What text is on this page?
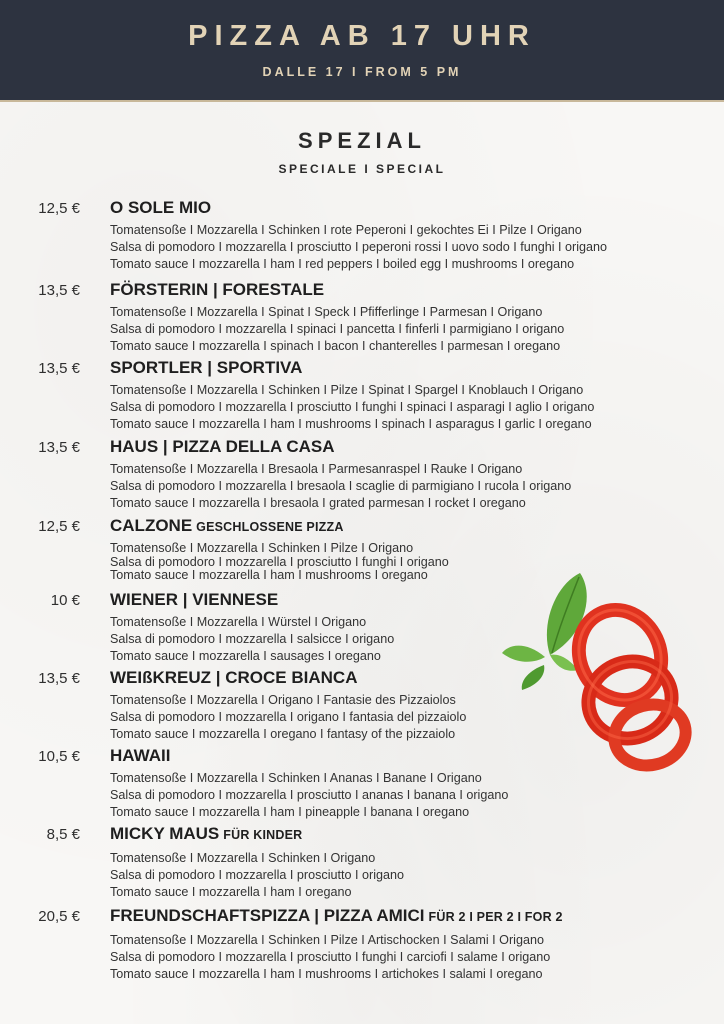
PIZZA AB 17 UHR
DALLE 17 I FROM 5 PM
SPEZIAL
SPECIALE I SPECIAL
12,5 € O SOLE MIO
Tomatensoße I Mozzarella I Schinken I rote Peperoni I gekochtes Ei I Pilze I Origano
Salsa di pomodoro I mozzarella I prosciutto I peperoni rossi I uovo sodo I funghi I origano
Tomato sauce I mozzarella I ham I red peppers I boiled egg I mushrooms I oregano
13,5 € FÖRSTERIN | FORESTALE
Tomatensoße I Mozzarella I Spinat I Speck I Pfifferlinge I Parmesan I Origano
Salsa di pomodoro I mozzarella I spinaci I pancetta I finferli I parmigiano I origano
Tomato sauce I mozzarella I spinach I bacon I chanterelles I parmesan I oregano
13,5 € SPORTLER | SPORTIVA
Tomatensoße I Mozzarella I Schinken I Pilze I Spinat I Spargel I Knoblauch I Origano
Salsa di pomodoro I mozzarella I prosciutto I funghi I spinaci I asparagi I aglio I origano
Tomato sauce I mozzarella I ham I mushrooms I spinach I asparagus I garlic I oregano
13,5 € HAUS | PIZZA DELLA CASA
Tomatensoße I Mozzarella I Bresaola I Parmesanraspel I Rauke I Origano
Salsa di pomodoro I mozzarella I bresaola I scaglie di parmigiano I rucola I origano
Tomato sauce I mozzarella I bresaola I grated parmesan I rocket I oregano
12,5 € CALZONE GESCHLOSSENE PIZZA
Tomatensoße I Mozzarella I Schinken I Pilze I Origano
Salsa di pomodoro I mozzarella I prosciutto I funghi I origano
Tomato sauce I mozzarella I ham I mushrooms I oregano
10 € WIENER | VIENNESE
Tomatensoße I Mozzarella I Würstel I Origano
Salsa di pomodoro I mozzarella I salsicce I origano
Tomato sauce I mozzarella I sausages I oregano
13,5 € WEIßKREUZ | CROCE BIANCA
Tomatensoße I Mozzarella I Origano I Fantasie des Pizzaiolos
Salsa di pomodoro I mozzarella I origano I fantasia del pizzaiolo
Tomato sauce I mozzarella I oregano I fantasy of the pizzaiolo
10,5 € HAWAII
Tomatensoße I Mozzarella I Schinken I Ananas I Banane I Origano
Salsa di pomodoro I mozzarella I prosciutto I ananas I banana I origano
Tomato sauce I mozzarella I ham I pineapple I banana I oregano
8,5 € MICKY MAUS FÜR KINDER
Tomatensoße I Mozzarella I Schinken I Origano
Salsa di pomodoro I mozzarella I prosciutto I origano
Tomato sauce I mozzarella I ham I oregano
20,5 € FREUNDSCHAFTSPIZZA | PIZZA AMICI FÜR 2 I PER 2 I FOR 2
Tomatensoße I Mozzarella I Schinken I Pilze I Artischocken I Salami I Origano
Salsa di pomodoro I mozzarella I prosciutto I funghi I carciofi I salame I origano
Tomato sauce I mozzarella I ham I mushrooms I artichokes I salami I oregano
